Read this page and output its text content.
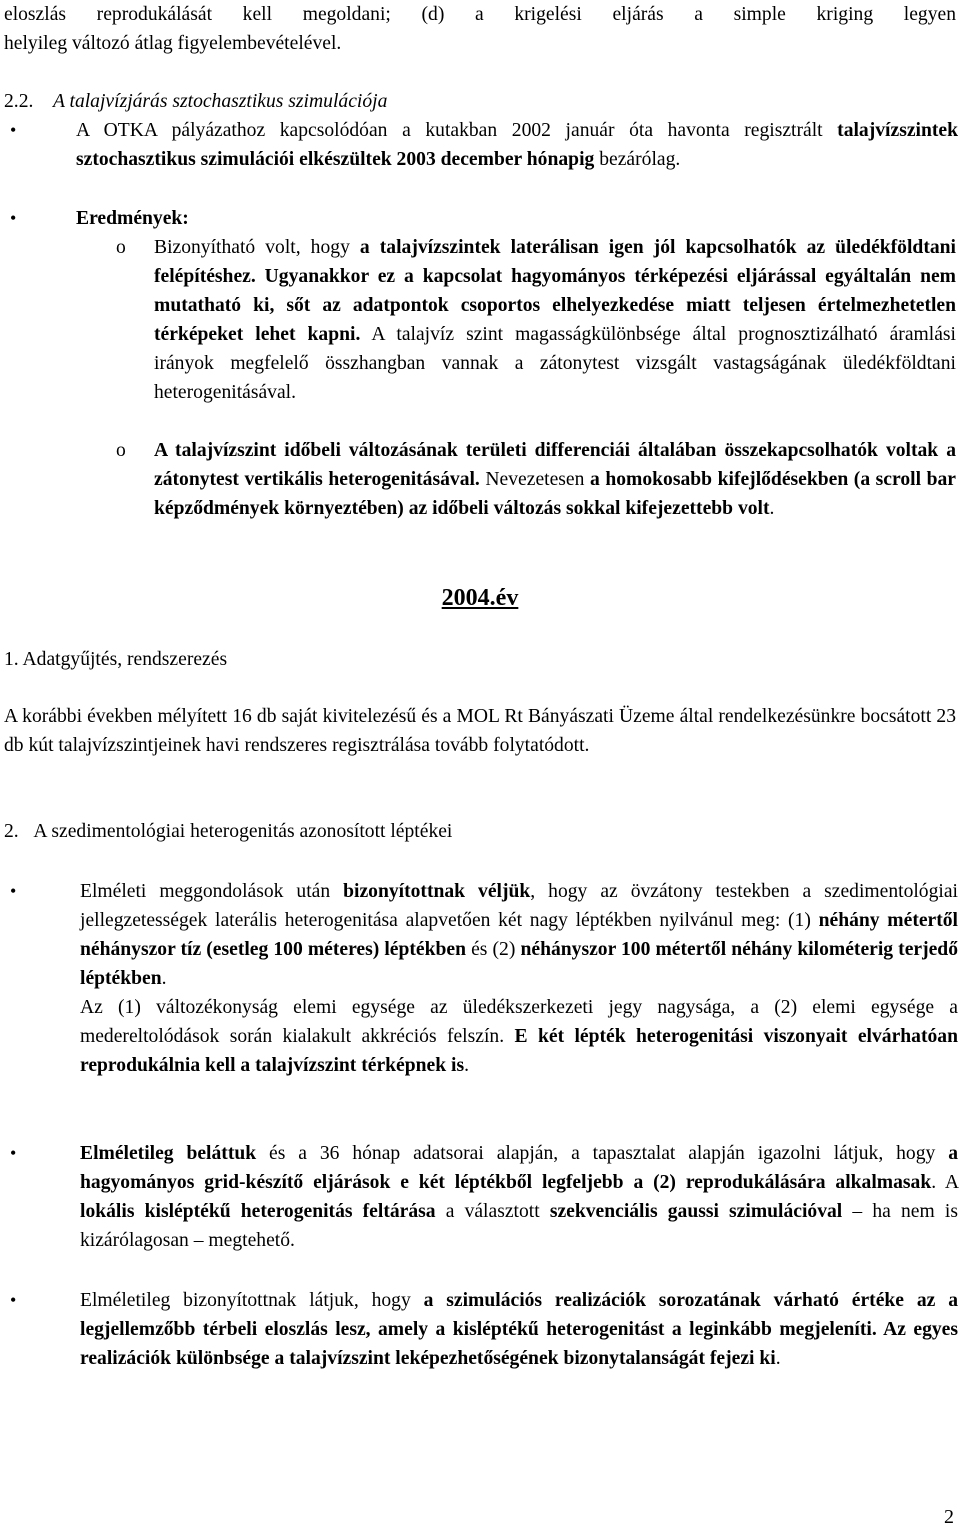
eloszlás reprodukálását kell megoldani; (d) a krigelési eljárás a simple kriging legyen

helyileg változó átlag figyelembevételével.

2.2. A talajvízjárás sztochasztikus szimulációja
•	A OTKA pályázathoz kapcsolódóan a kutakban 2002 január óta havonta regisztrált talajvízszintek sztochasztikus szimulációi elkészültek 2003 december hónapig bezárólag.

•	Eredmények:

o Bizonyítható volt, hogy a talajvízszintek laterálisan igen jól kapcsolhatók az üledékföldtani felépítéshez. Ugyanakkor ez a kapcsolat hagyományos térképezési eljárással egyáltalán nem mutatható ki, sőt az adatpontok csoportos elhelyezkedése miatt teljesen értelmezhetetlen térképeket lehet kapni. A talajvíz szint magasságkülönbsége által prognosztizálható áramlási irányok megfelelő összhangban vannak a zátonytest vizsgált vastagságának üledékföldtani heterogenitásával.

o A talajvízszint időbeli változásának területi differenciái általában összekapcsolhatók voltak a zátonytest vertikális heterogenitásával. Nevezetesen a homokosabb kifejlődésekben (a scroll bar képződmények környeztében) az időbeli változás sokkal kifejezettebb volt.

2004.év
1. Adatgyűjtés, rendszerezés

A korábbi években mélyített 16 db saját kivitelezésű és a MOL Rt Bányászati Üzeme által rendelkezésünkre bocsátott 23 db kút talajvízszintjeinek havi rendszeres regisztrálása tovább folytatódott.

2. A szedimentológiai heterogenitás azonosított léptékei
•	Elméleti meggondolások után bizonyítottnak véljük, hogy az övzátony testekben a szedimentológiai jellegzetességek laterális heterogenitása alapvetően két nagy léptékben nyilvánul meg: (1) néhány métertől néhányszor tíz (esetleg 100 méteres) léptékben és (2) néhányszor 100 métertől néhány kilométerig terjedő léptékben.

Az (1) változékonyság elemi egysége az üledékszerkezeti jegy nagysága, a (2) elemi egysége a medereltolódások során kialakult akkréciós felszín. E két lépték heterogenitási viszonyait elvárhatóan reprodukálnia kell a talajvízszint térképnek is.

•	Elméletileg beláttuk és a 36 hónap adatsorai alapján, a tapasztalat alapján igazolni látjuk, hogy a hagyományos grid-készítő eljárások e két léptékből legfeljebb a (2) reprodukálására alkalmasak. A lokális kisléptékű heterogenitás feltárása a választott szekvenciális gaussi szimulációval – ha nem is kizárólagosan – megtehető.

•	Elméletileg bizonyítottnak látjuk, hogy a szimulációs realizációk sorozatának várható értéke az a legjellemzőbb térbeli eloszlás lesz, amely a kisléptékű heterogenitást a leginkább megjeleníti. Az egyes realizációk különbsége a talajvízszint leképezhetőségének bizonytalanságát fejezi ki.

2
